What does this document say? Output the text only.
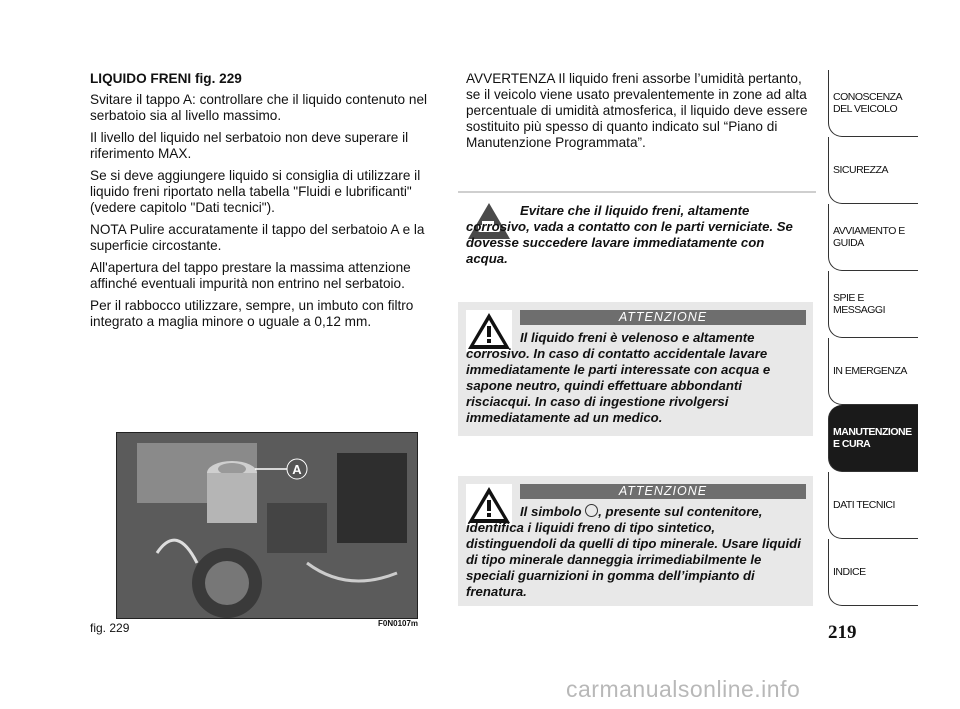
LIQUIDO FRENI fig. 229

Svitare il tappo A: controllare che il liquido contenuto nel serbatoio sia al livello massimo.

Il livello del liquido nel serbatoio non deve superare il riferimento MAX.

Se si deve aggiungere liquido si consiglia di utilizzare il liquido freni riportato nella tabella "Fluidi e lubrificanti" (vedere capitolo "Dati tecnici").

NOTA Pulire accuratamente il tappo del serbatoio A e la superficie circostante.

All'apertura del tappo prestare la massima attenzione affinché eventuali impurità non entrino nel serbatoio.

Per il rabbocco utilizzare, sempre, un imbuto con filtro integrato a maglia minore o uguale a 0,12 mm.

AVVERTENZA Il liquido freni assorbe l’umidità pertanto, se il veicolo viene usato prevalentemente in zone ad alta percentuale di umidità atmosferica, il liquido deve essere sostituito più spesso di quanto indicato sul “Piano di Manutenzione Programmata”.
Evitare che il liquido freni, altamente corrosivo, vada a contatto con le parti verniciate. Se dovesse succedere lavare immediatamente con acqua.
ATTENZIONE
Il liquido freni è velenoso e altamente corrosivo. In caso di contatto accidentale lavare immediatamente le parti interessate con acqua e sapone neutro, quindi effettuare abbondanti risciacqui. In caso di ingestione rivolgersi immediatamente ad un medico.
ATTENZIONE
Il simbolo , presente sul contenitore, identifica i liquidi freno di tipo sintetico, distinguendoli da quelli di tipo minerale. Usare liquidi di tipo minerale danneggia irrimediabilmente le speciali guarnizioni in gomma dell’impianto di frenatura.
A
fig. 229	F0N0107m
CONOSCENZA DEL VEICOLO
SICUREZZA
AVVIAMENTO E GUIDA
SPIE E MESSAGGI
IN EMERGENZA
MANUTENZIONE E CURA
DATI TECNICI
INDICE
219
carmanualsonline.info
